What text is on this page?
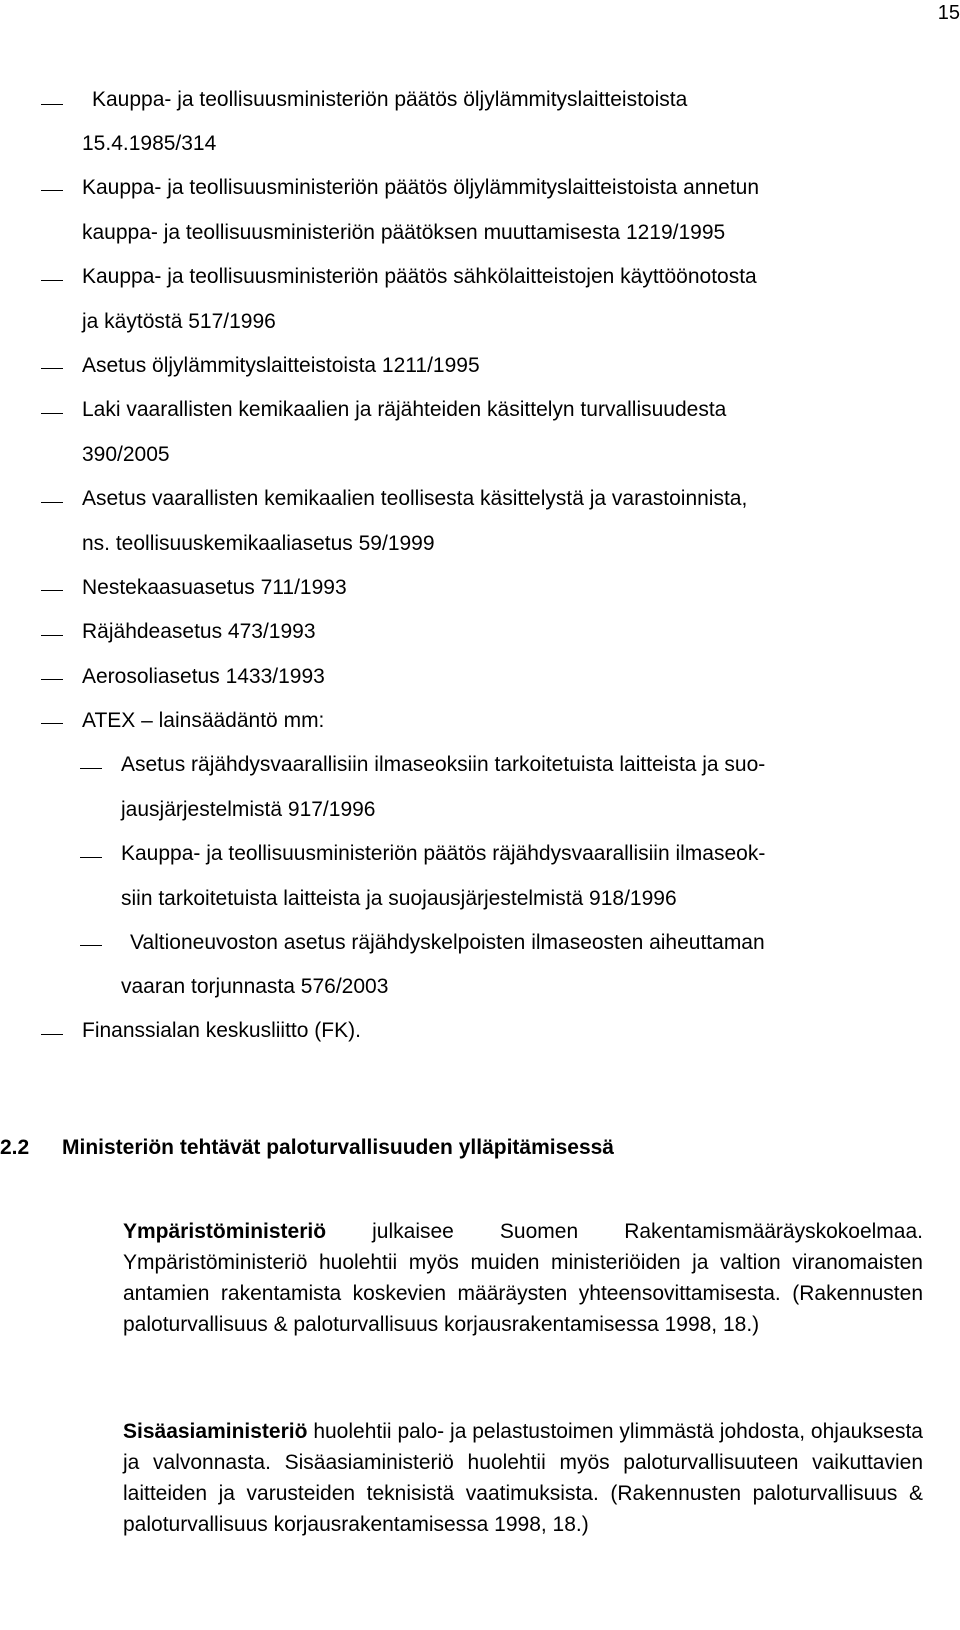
15
Kauppa- ja teollisuusministeriön päätös öljylämmityslaitteistoista
15.4.1985/314
Kauppa- ja teollisuusministeriön päätös öljylämmityslaitteistoista annetun
kauppa- ja teollisuusministeriön päätöksen muuttamisesta 1219/1995
Kauppa- ja teollisuusministeriön päätös sähkölaitteistojen käyttöönotosta
ja käytöstä 517/1996
Asetus öljylämmityslaitteistoista 1211/1995
Laki vaarallisten kemikaalien ja räjähteiden käsittelyn turvallisuudesta
390/2005
Asetus vaarallisten kemikaalien teollisesta käsittelystä ja varastoinnista,
ns. teollisuuskemikaaliasetus 59/1999
Nestekaasuasetus 711/1993
Räjähdeasetus 473/1993
Aerosoliasetus 1433/1993
ATEX – lainsäädäntö mm:
Asetus räjähdysvaarallisiin ilmaseoksiin tarkoitetuista laitteista ja suo-
jausjärjestelmistä 917/1996
Kauppa- ja teollisuusministeriön päätös räjähdysvaarallisiin ilmaseok-
siin tarkoitetuista laitteista ja suojausjärjestelmistä 918/1996
Valtioneuvoston asetus räjähdyskelpoisten ilmaseosten aiheuttaman
vaaran torjunnasta 576/2003
Finanssialan keskusliitto (FK).
2.2 Ministeriön tehtävät paloturvallisuuden ylläpitämisessä
Ympäristöministeriö julkaisee Suomen Rakentamismääräyskokoelmaa. Ympäristöministeriö huolehtii myös muiden ministeriöiden ja valtion viranomaisten antamien rakentamista koskevien määräysten yhteensovittamisesta. (Rakennusten paloturvallisuus & paloturvallisuus korjausrakentamisessa 1998, 18.)
Sisäasiaministeriö huolehtii palo- ja pelastustoimen ylimmästä johdosta, ohjauksesta ja valvonnasta. Sisäasiaministeriö huolehtii myös paloturvallisuuteen vaikuttavien laitteiden ja varusteiden teknisistä vaatimuksista. (Rakennusten paloturvallisuus & paloturvallisuus korjausrakentamisessa 1998, 18.)
